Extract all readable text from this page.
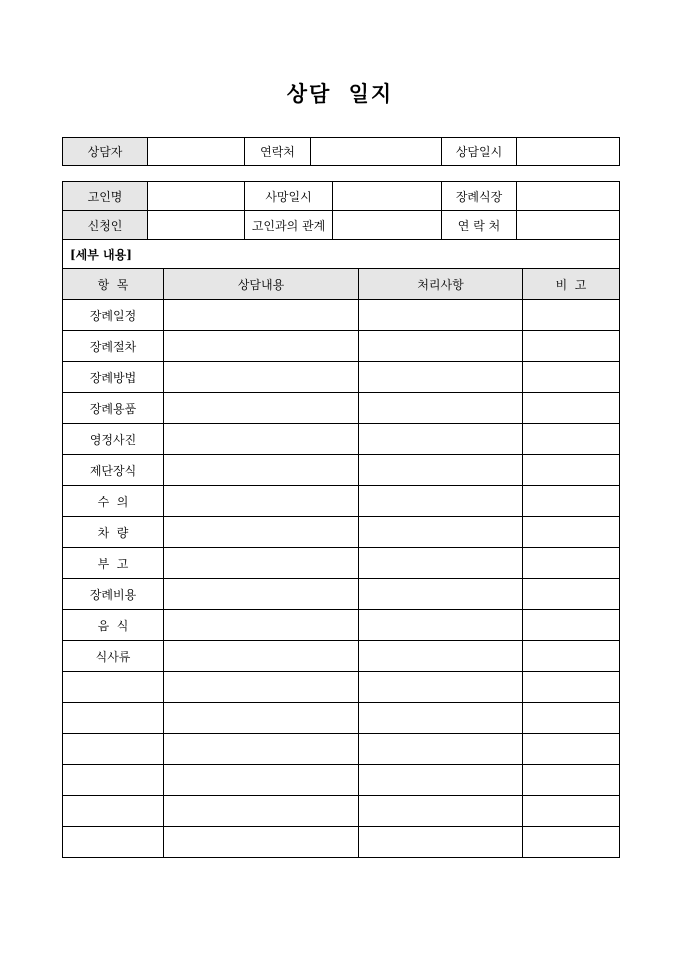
상담 일지
상담자		연락처		상담일시	
고인명		사망일시		장례식장	
신청인		고인과의 관계		연 락 처	
[세부 내용]					
항  목	상담내용	처리사항	비  고
장례일정			
장례절차			
장례방법			
장례용품			
영정사진			
제단장식			
수  의			
차  량			
부  고			
장례비용			
음  식			
식사류			
